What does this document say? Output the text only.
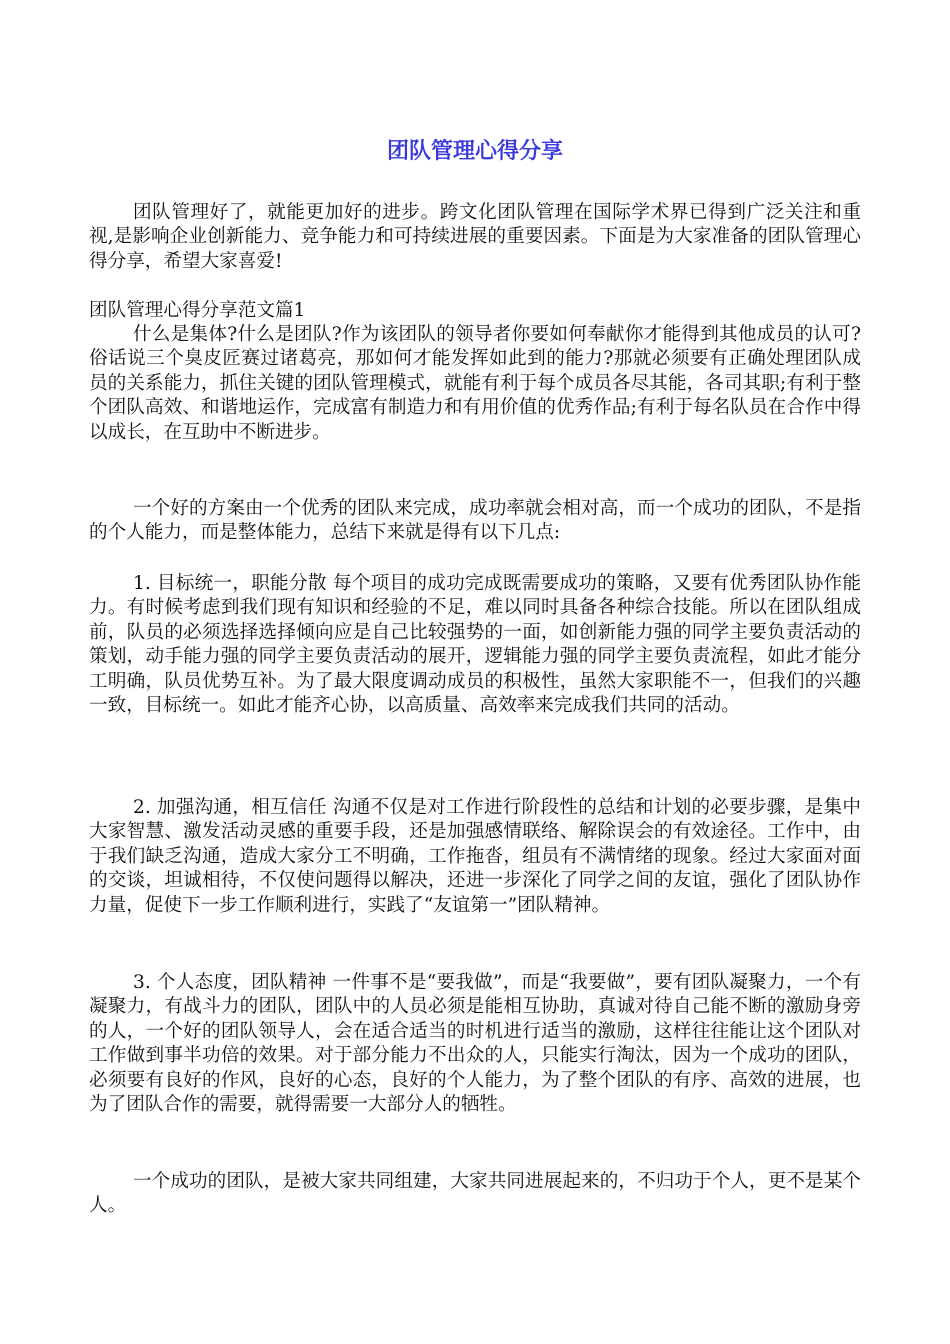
团队管理心得分享

团队管理好了，就能更加好的进步。跨文化团队管理在国际学术界已得到广泛关注和重视,是影响企业创新能力、竞争能力和可持续进展的重要因素。下面是为大家准备的团队管理心得分享，希望大家喜爱!

团队管理心得分享范文篇1

什么是集体?什么是团队?作为该团队的领导者你要如何奉献你才能得到其他成员的认可?俗话说三个臭皮匠赛过诸葛亮，那如何才能发挥如此到的能力?那就必须要有正确处理团队成员的关系能力，抓住关键的团队管理模式，就能有利于每个成员各尽其能，各司其职;有利于整个团队高效、和谐地运作，完成富有制造力和有用价值的优秀作品;有利于每名队员在合作中得以成长，在互助中不断进步。

一个好的方案由一个优秀的团队来完成，成功率就会相对高，而一个成功的团队，不是指的个人能力，而是整体能力，总结下来就是得有以下几点:

1. 目标统一，职能分散 每个项目的成功完成既需要成功的策略，又要有优秀团队协作能力。有时候考虑到我们现有知识和经验的不足，难以同时具备各种综合技能。所以在团队组成前，队员的必须选择选择倾向应是自己比较强势的一面，如创新能力强的同学主要负责活动的策划，动手能力强的同学主要负责活动的展开，逻辑能力强的同学主要负责流程，如此才能分工明确，队员优势互补。为了最大限度调动成员的积极性，虽然大家职能不一，但我们的兴趣一致，目标统一。如此才能齐心协，以高质量、高效率来完成我们共同的活动。

2. 加强沟通，相互信任 沟通不仅是对工作进行阶段性的总结和计划的必要步骤，是集中大家智慧、激发活动灵感的重要手段，还是加强感情联络、解除误会的有效途径。工作中，由于我们缺乏沟通，造成大家分工不明确，工作拖沓，组员有不满情绪的现象。经过大家面对面的交谈，坦诚相待，不仅使问题得以解决，还进一步深化了同学之间的友谊，强化了团队协作力量，促使下一步工作顺利进行，实践了“友谊第一”团队精神。

3. 个人态度，团队精神 一件事不是“要我做”，而是“我要做”，要有团队凝聚力，一个有凝聚力，有战斗力的团队，团队中的人员必须是能相互协助，真诚对待自己能不断的激励身旁的人，一个好的团队领导人，会在适合适当的时机进行适当的激励，这样往往能让这个团队对工作做到事半功倍的效果。对于部分能力不出众的人，只能实行淘汰，因为一个成功的团队，必须要有良好的作风，良好的心态，良好的个人能力，为了整个团队的有序、高效的进展，也为了团队合作的需要，就得需要一大部分人的牺牲。

一个成功的团队，是被大家共同组建，大家共同进展起来的，不归功于个人，更不是某个人。
